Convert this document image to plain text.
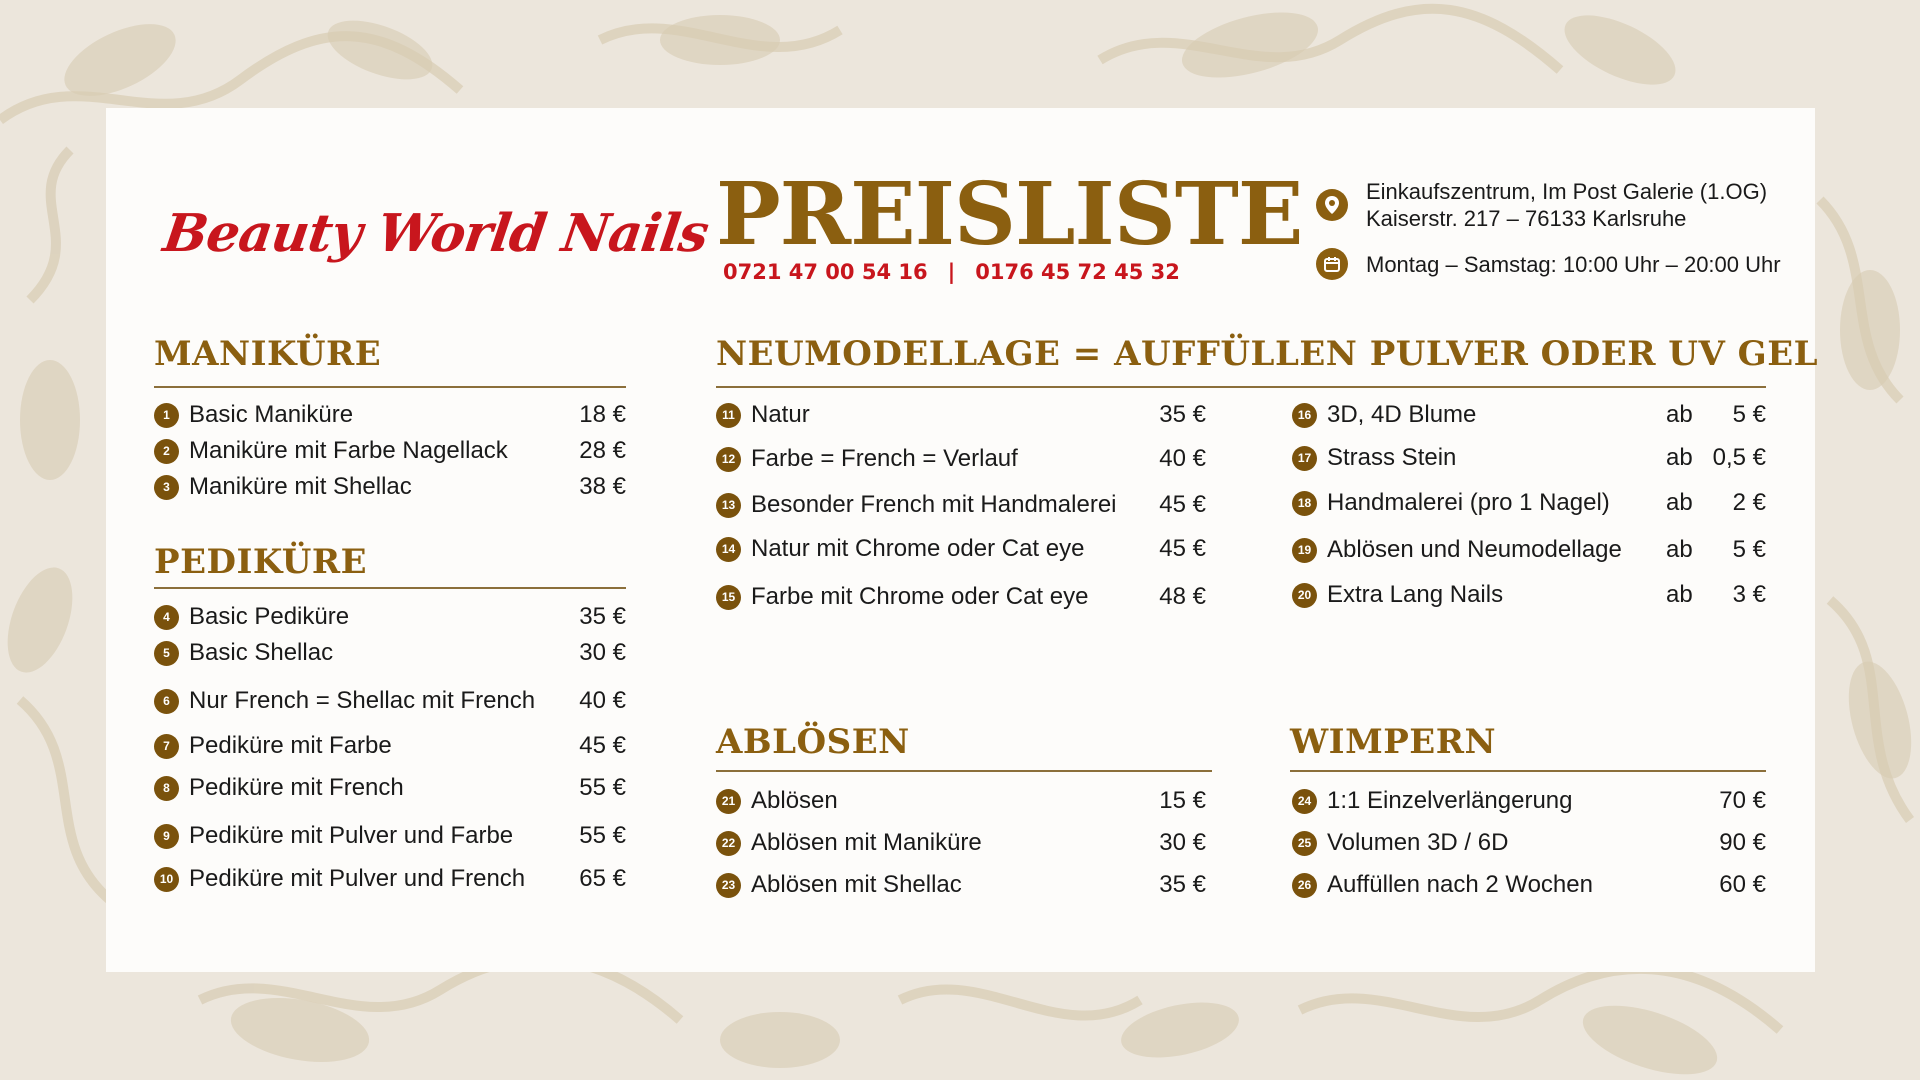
Beauty World Nails PREISLISTE
0721 47 00 54 16 | 0176 45 72 45 32
Einkaufszentrum, Im Post Galerie (1.OG)
Kaiserstr. 217 – 76133 Karlsruhe
Montag – Samstag: 10:00 Uhr – 20:00 Uhr
MANIKÜRE
1 Basic Maniküre	18 €
2 Maniküre mit Farbe Nagellack	28 €
3 Maniküre mit Shellac	38 €
PEDIKÜRE
4 Basic Pediküre	35 €
5 Basic Shellac	30 €
6 Nur French = Shellac mit French 40 €
7 Pediküre mit Farbe	45 €
8 Pediküre mit French	55 €
9 Pediküre mit Pulver und Farbe	55 €
10 Pediküre mit Pulver und French 65 €
NEUMODELLAGE = AUFFÜLLEN PULVER ODER UV GEL
11 Natur	35 €
12 Farbe = French = Verlauf	40 €
13 Besonder French mit Handmalerei 45 €
14 Natur mit Chrome oder Cat eye	45 €
15 Farbe mit Chrome oder Cat eye	48 €
16 3D, 4D Blume	ab 5 €
17 Strass Stein	ab 0,5 €
18 Handmalerei (pro 1 Nagel) ab 2 €
19 Ablösen und Neumodellage ab 5 €
20 Extra Lang Nails	ab 3 €
ABLÖSEN
21 Ablösen	15 €
22 Ablösen mit Maniküre	30 €
23 Ablösen mit Shellac	35 €
WIMPERN
24 1:1 Einzelverlängerung	70 €
25 Volumen 3D / 6D	90 €
26 Auffüllen nach 2 Wochen	60 €
